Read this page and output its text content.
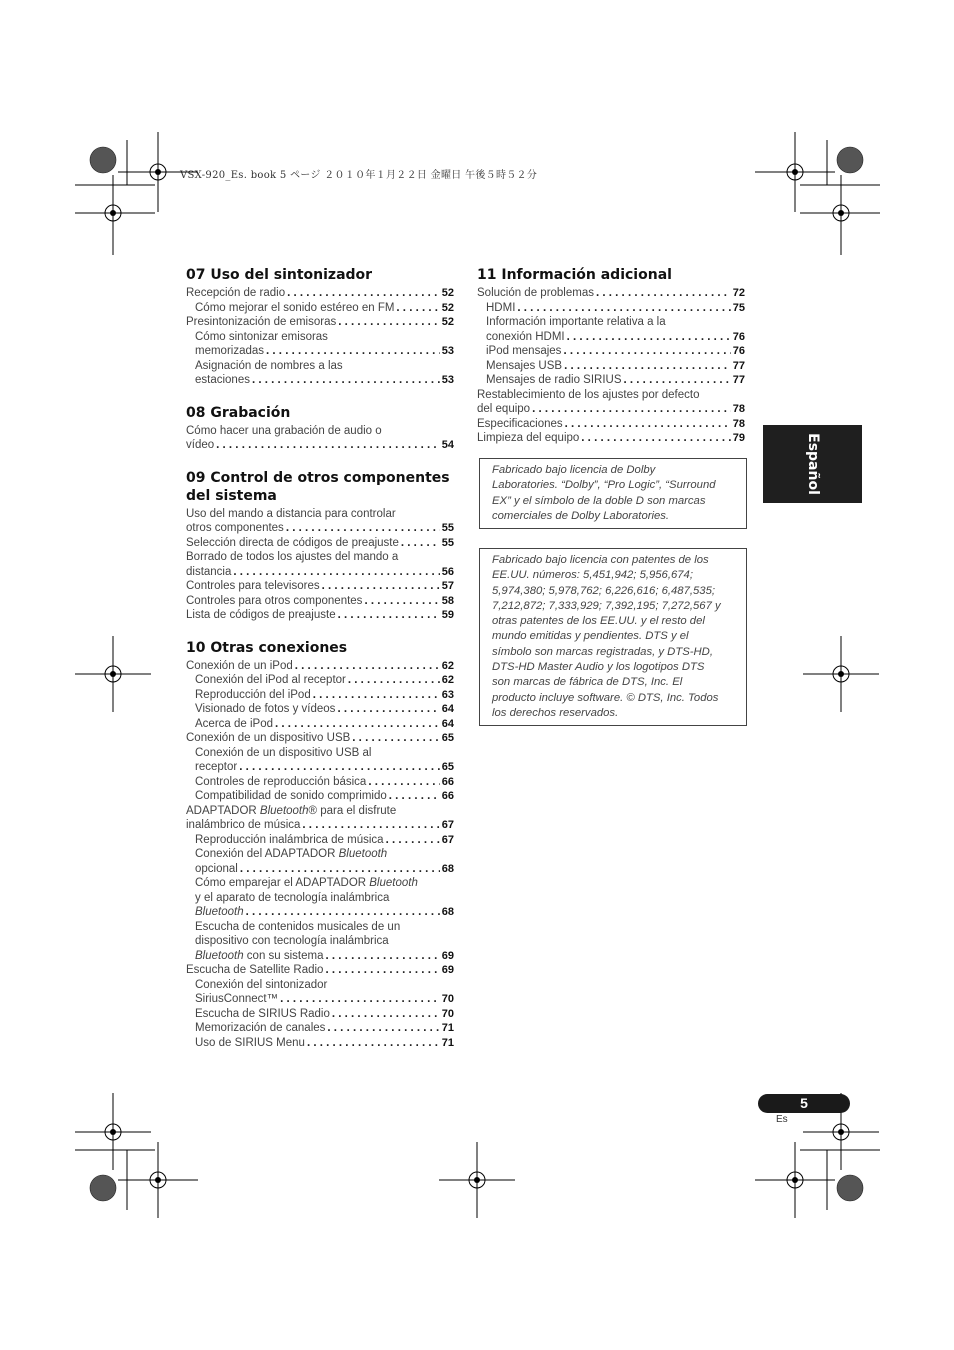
VSX-920_Es. book 5 ページ ２０１０年１月２２日 金曜日 午後５時５２分
07 Uso del sintonizador
Recepción de radio . . .	52
Cómo mejorar el sonido estéreo en FM . . .	52
Presintonización de emisoras . . .	52
Cómo sintonizar emisoras
memorizadas . . .	53
Asignación de nombres a las
estaciones . . .	53
08 Grabación
Cómo hacer una grabación de audio o
vídeo . . .	54
09 Control de otros componentes del sistema
Uso del mando a distancia para controlar
otros componentes . . .	55
Selección directa de códigos de preajuste . . .	55
Borrado de todos los ajustes del mando a
distancia . . .	56
Controles para televisores . . .	57
Controles para otros componentes . . .	58
Lista de códigos de preajuste . . .	59
10 Otras conexiones
Conexión de un iPod . . .	62
Conexión del iPod al receptor . . .	62
Reproducción del iPod . . .	63
Visionado de fotos y vídeos . . .	64
Acerca de iPod . . .	64
Conexión de un dispositivo USB . . .	65
Conexión de un dispositivo USB al
receptor . . .	65
Controles de reproducción básica . . .	66
Compatibilidad de sonido comprimido . . .	66
ADAPTADOR Bluetooth® para el disfrute
inalámbrico de música . . .	67
Reproducción inalámbrica de música . . .	67
Conexión del ADAPTADOR Bluetooth
opcional . . .	68
Cómo emparejar el ADAPTADOR Bluetooth
y el aparato de tecnología inalámbrica
Bluetooth . . .	68
Escucha de contenidos musicales de un
dispositivo con tecnología inalámbrica
Bluetooth con su sistema . . .	69
Escucha de Satellite Radio . . .	69
Conexión del sintonizador
SiriusConnect™ . . .	70
Escucha de SIRIUS Radio . . .	70
Memorización de canales . . .	71
Uso de SIRIUS Menu . . .	71
11 Información adicional
Solución de problemas . . .	72
HDMI . . .	75
Información importante relativa a la
conexión HDMI . . .	76
iPod mensajes . . .	76
Mensajes USB . . .	77
Mensajes de radio SIRIUS . . .	77
Restablecimiento de los ajustes por defecto
del equipo . . .	78
Especificaciones . . .	78
Limpieza del equipo . . .	79
Fabricado bajo licencia de Dolby
Laboratories. “Dolby”, “Pro Logic”, “Surround
EX” y el símbolo de la doble D son marcas
comerciales de Dolby Laboratories.
Fabricado bajo licencia con patentes de los
EE.UU. números: 5,451,942; 5,956,674;
5,974,380; 5,978,762; 6,226,616; 6,487,535;
7,212,872; 7,333,929; 7,392,195; 7,272,567 y
otras patentes de los EE.UU. y el resto del
mundo emitidas y pendientes. DTS y el
símbolo son marcas registradas, y DTS-HD,
DTS-HD Master Audio y los logotipos DTS
son marcas de fábrica de DTS, Inc. El
producto incluye software. © DTS, Inc. Todos
los derechos reservados.
Español
5
Es
